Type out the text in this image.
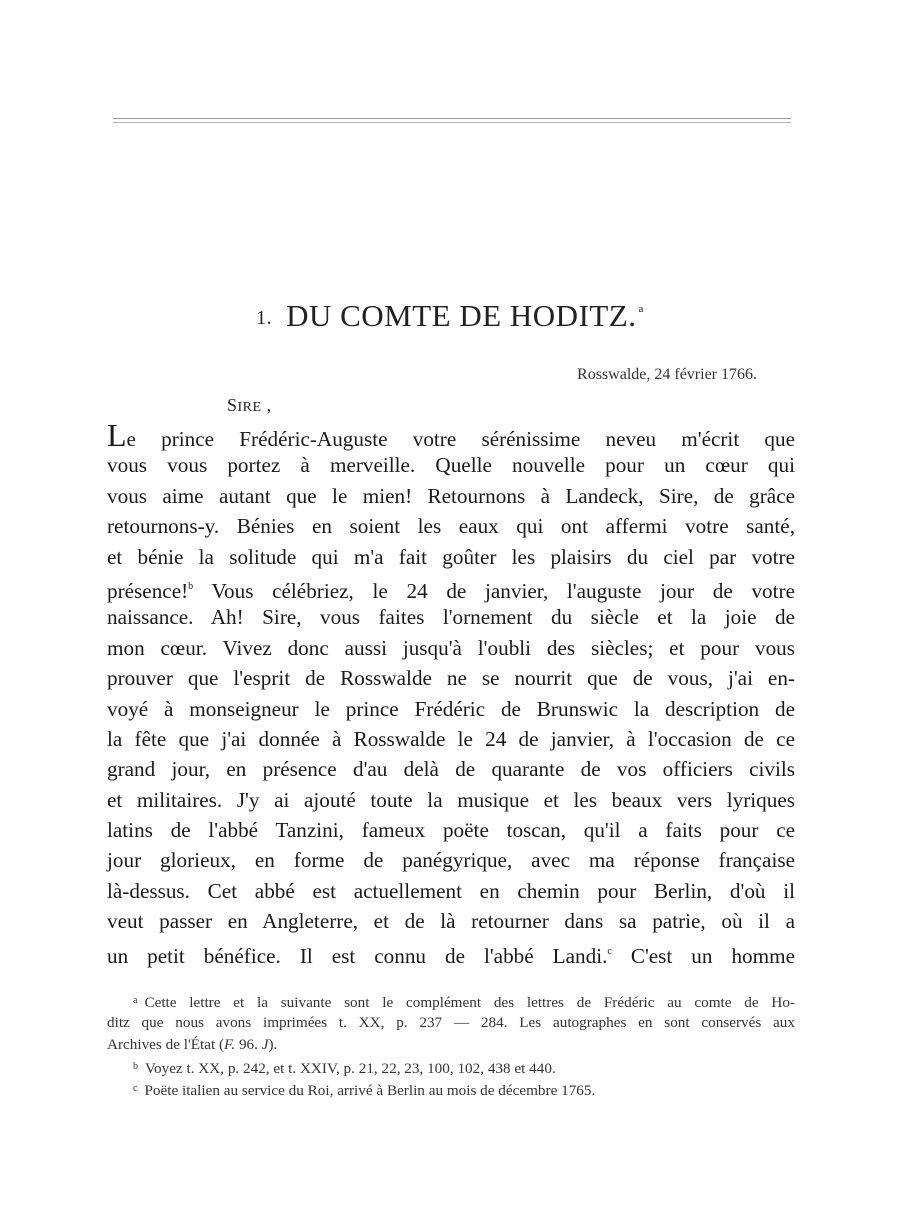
1. DU COMTE DE HODITZ. $^a$
Rosswalde, 24 février 1766.
SIRE ,
Le prince Frédéric-Auguste votre sérénissime neveu m'écrit que
vous vous portez à merveille. Quelle nouvelle pour un cœur qui
vous aime autant que le mien! Retournons à Landeck, Sire, de grâce
retournons-y. Bénies en soient les eaux qui ont affermi votre santé,
et bénie la solitude qui m'a fait goûter les plaisirs du ciel par votre
présence!$^b$ Vous célébriez, le 24 de janvier, l'auguste jour de votre
naissance. Ah! Sire, vous faites l'ornement du siècle et la joie de
mon cœur. Vivez donc aussi jusqu'à l'oubli des siècles; et pour vous
prouver que l'esprit de Rosswalde ne se nourrit que de vous, j'ai en-
voyé à monseigneur le prince Frédéric de Brunswic la description de
la fête que j'ai donnée à Rosswalde le 24 de janvier, à l'occasion de ce
grand jour, en présence d'au delà de quarante de vos officiers civils
et militaires. J'y ai ajouté toute la musique et les beaux vers lyriques
latins de l'abbé Tanzini, fameux poëte toscan, qu'il a faits pour ce
jour glorieux, en forme de panégyrique, avec ma réponse française
là-dessus. Cet abbé est actuellement en chemin pour Berlin, d'où il
veut passer en Angleterre, et de là retourner dans sa patrie, où il a
un petit bénéfice. Il est connu de l'abbé Landi.$^c$ C'est un homme
$^a$ Cette lettre et la suivante sont le complément des lettres de Frédéric au comte de Ho-
ditz que nous avons imprimées t. XX, p. 237 — 284. Les autographes en sont conservés aux
Archives de l'État (F. 96. J).
$^b$ Voyez t. XX, p. 242, et t. XXIV, p. 21, 22, 23, 100, 102, 438 et 440.
$^c$ Poëte italien au service du Roi, arrivé à Berlin au mois de décembre 1765.
